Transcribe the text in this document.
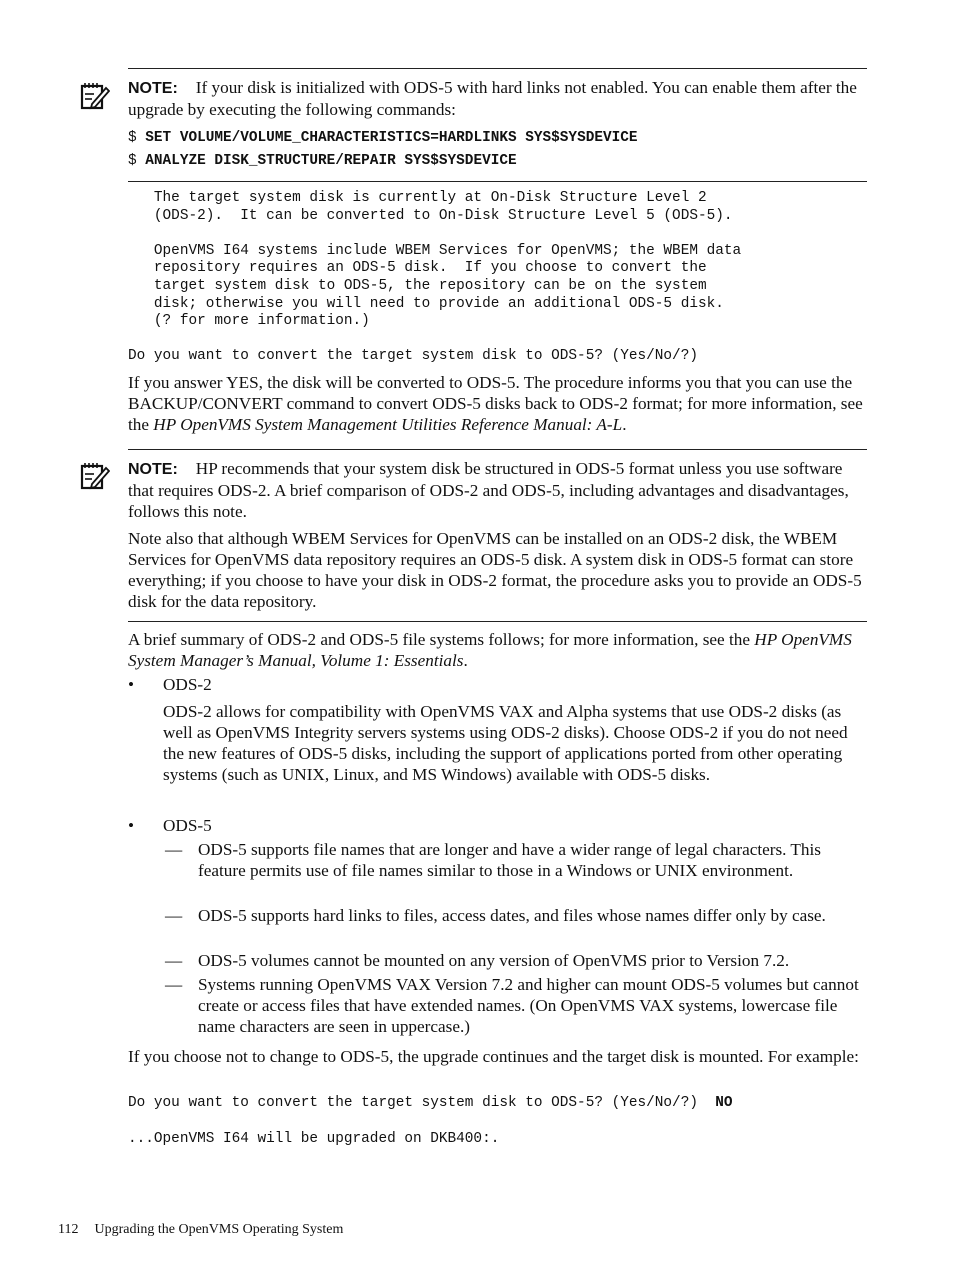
NOTE: If your disk is initialized with ODS-5 with hard links not enabled. You can enable them after the upgrade by executing the following commands:
$ SET VOLUME/VOLUME_CHARACTERISTICS=HARDLINKS SYS$SYSDEVICE
$ ANALYZE DISK_STRUCTURE/REPAIR SYS$SYSDEVICE
The target system disk is currently at On-Disk Structure Level 2
(ODS-2).  It can be converted to On-Disk Structure Level 5 (ODS-5).

OpenVMS I64 systems include WBEM Services for OpenVMS; the WBEM data
repository requires an ODS-5 disk.  If you choose to convert the
target system disk to ODS-5, the repository can be on the system
disk; otherwise you will need to provide an additional ODS-5 disk.
(? for more information.)

Do you want to convert the target system disk to ODS-5? (Yes/No/?)
If you answer YES, the disk will be converted to ODS-5. The procedure informs you that you can use the BACKUP/CONVERT command to convert ODS-5 disks back to ODS-2 format; for more information, see the HP OpenVMS System Management Utilities Reference Manual: A-L.
NOTE: HP recommends that your system disk be structured in ODS-5 format unless you use software that requires ODS-2. A brief comparison of ODS-2 and ODS-5, including advantages and disadvantages, follows this note.
Note also that although WBEM Services for OpenVMS can be installed on an ODS-2 disk, the WBEM Services for OpenVMS data repository requires an ODS-5 disk. A system disk in ODS-5 format can store everything; if you choose to have your disk in ODS-2 format, the procedure asks you to provide an ODS-5 disk for the data repository.
A brief summary of ODS-2 and ODS-5 file systems follows; for more information, see the HP OpenVMS System Manager’s Manual, Volume 1: Essentials.
• ODS-2
ODS-2 allows for compatibility with OpenVMS VAX and Alpha systems that use ODS-2 disks (as well as OpenVMS Integrity servers systems using ODS-2 disks). Choose ODS-2 if you do not need the new features of ODS-5 disks, including the support of applications ported from other operating systems (such as UNIX, Linux, and MS Windows) available with ODS-5 disks.
• ODS-5
— ODS-5 supports file names that are longer and have a wider range of legal characters. This feature permits use of file names similar to those in a Windows or UNIX environment.
— ODS-5 supports hard links to files, access dates, and files whose names differ only by case.
— ODS-5 volumes cannot be mounted on any version of OpenVMS prior to Version 7.2.
— Systems running OpenVMS VAX Version 7.2 and higher can mount ODS-5 volumes but cannot create or access files that have extended names. (On OpenVMS VAX systems, lowercase file name characters are seen in uppercase.)
If you choose not to change to ODS-5, the upgrade continues and the target disk is mounted. For example:
Do you want to convert the target system disk to ODS-5? (Yes/No/?)  NO
...OpenVMS I64 will be upgraded on DKB400:.
112 Upgrading the OpenVMS Operating System
